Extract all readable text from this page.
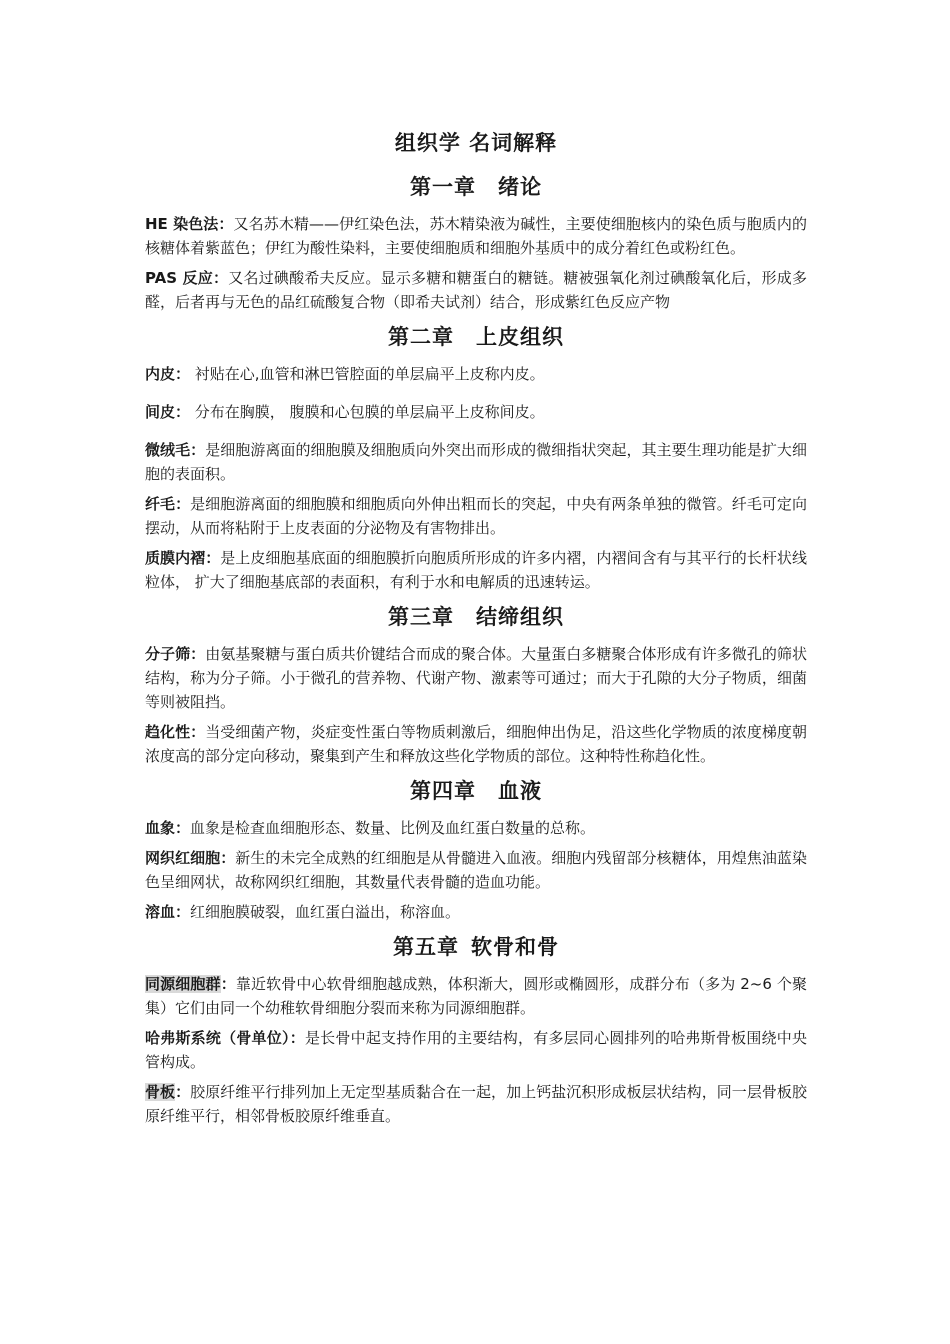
组织学 名词解释
第一章 绪论

HE 染色法：又名苏木精——伊红染色法，苏木精染液为碱性，主要使细胞核内的染色质与胞质内的核糖体着紫蓝色；伊红为酸性染料，主要使细胞质和细胞外基质中的成分着红色或粉红色。

PAS 反应：又名过碘酸希夫反应。显示多糖和糖蛋白的糖链。糖被强氧化剂过碘酸氧化后，形成多醛，后者再与无色的品红硫酸复合物（即希夫试剂）结合，形成紫红色反应产物

第二章 上皮组织

内皮： 衬贴在心,血管和淋巴管腔面的单层扁平上皮称内皮。

间皮： 分布在胸膜， 腹膜和心包膜的单层扁平上皮称间皮。

微绒毛：是细胞游离面的细胞膜及细胞质向外突出而形成的微细指状突起，其主要生理功能是扩大细胞的表面积。

纤毛：是细胞游离面的细胞膜和细胞质向外伸出粗而长的突起，中央有两条单独的微管。纤毛可定向摆动，从而将粘附于上皮表面的分泌物及有害物排出。

质膜内褶：是上皮细胞基底面的细胞膜折向胞质所形成的许多内褶，内褶间含有与其平行的长杆状线粒体， 扩大了细胞基底部的表面积，有利于水和电解质的迅速转运。

第三章 结缔组织

分子筛：由氨基聚糖与蛋白质共价键结合而成的聚合体。大量蛋白多糖聚合体形成有许多微孔的筛状结构，称为分子筛。小于微孔的营养物、代谢产物、激素等可通过；而大于孔隙的大分子物质，细菌等则被阻挡。

趋化性：当受细菌产物，炎症变性蛋白等物质刺激后，细胞伸出伪足，沿这些化学物质的浓度梯度朝浓度高的部分定向移动，聚集到产生和释放这些化学物质的部位。这种特性称趋化性。

第四章 血液

血象：血象是检查血细胞形态、数量、比例及血红蛋白数量的总称。

网织红细胞：新生的未完全成熟的红细胞是从骨髓进入血液。细胞内残留部分核糖体，用煌焦油蓝染色呈细网状，故称网织红细胞，其数量代表骨髓的造血功能。

溶血：红细胞膜破裂，血红蛋白溢出，称溶血。

第五章 软骨和骨

同源细胞群：靠近软骨中心软骨细胞越成熟，体积渐大，圆形或椭圆形，成群分布（多为 2~6 个聚集）它们由同一个幼稚软骨细胞分裂而来称为同源细胞群。

哈弗斯系统（骨单位）：是长骨中起支持作用的主要结构，有多层同心圆排列的哈弗斯骨板围绕中央管构成。

骨板：胶原纤维平行排列加上无定型基质黏合在一起，加上钙盐沉积形成板层状结构，同一层骨板胶原纤维平行，相邻骨板胶原纤维垂直。
